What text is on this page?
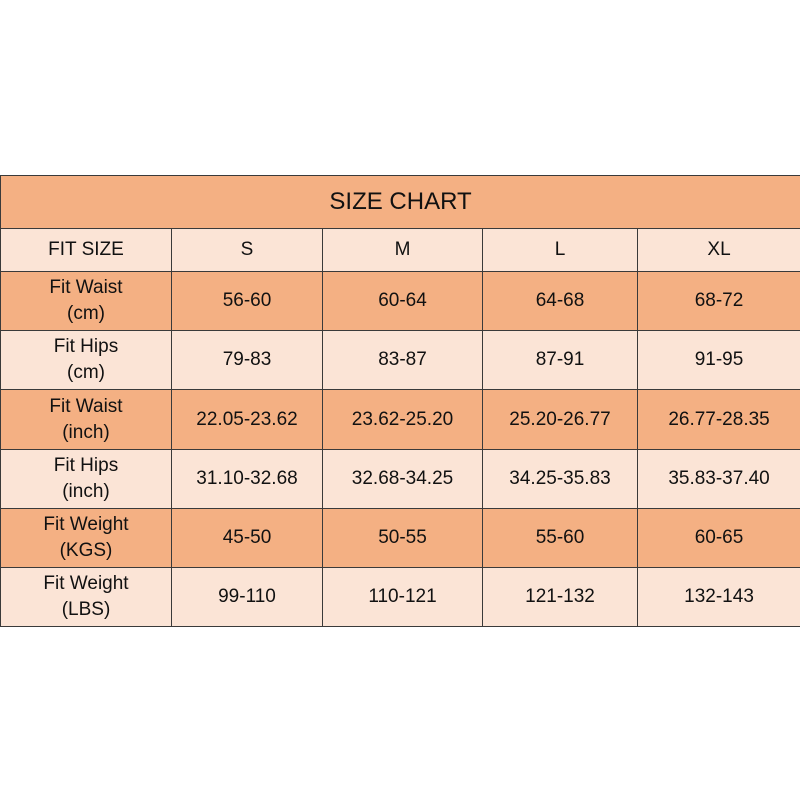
SIZE CHART				
FIT SIZE	S	M	L	XL

Fit Waist
(cm)	56-60	60-64	64-68	68-72

Fit Hips
(cm)	79-83	83-87	87-91	91-95

Fit Waist
(inch)	22.05-23.62	23.62-25.20	25.20-26.77	26.77-28.35

Fit Hips
(inch)	31.10-32.68	32.68-34.25	34.25-35.83	35.83-37.40

Fit Weight
(KGS)	45-50	50-55	55-60	60-65

Fit Weight
(LBS)	99-110	110-121	121-132	132-143
